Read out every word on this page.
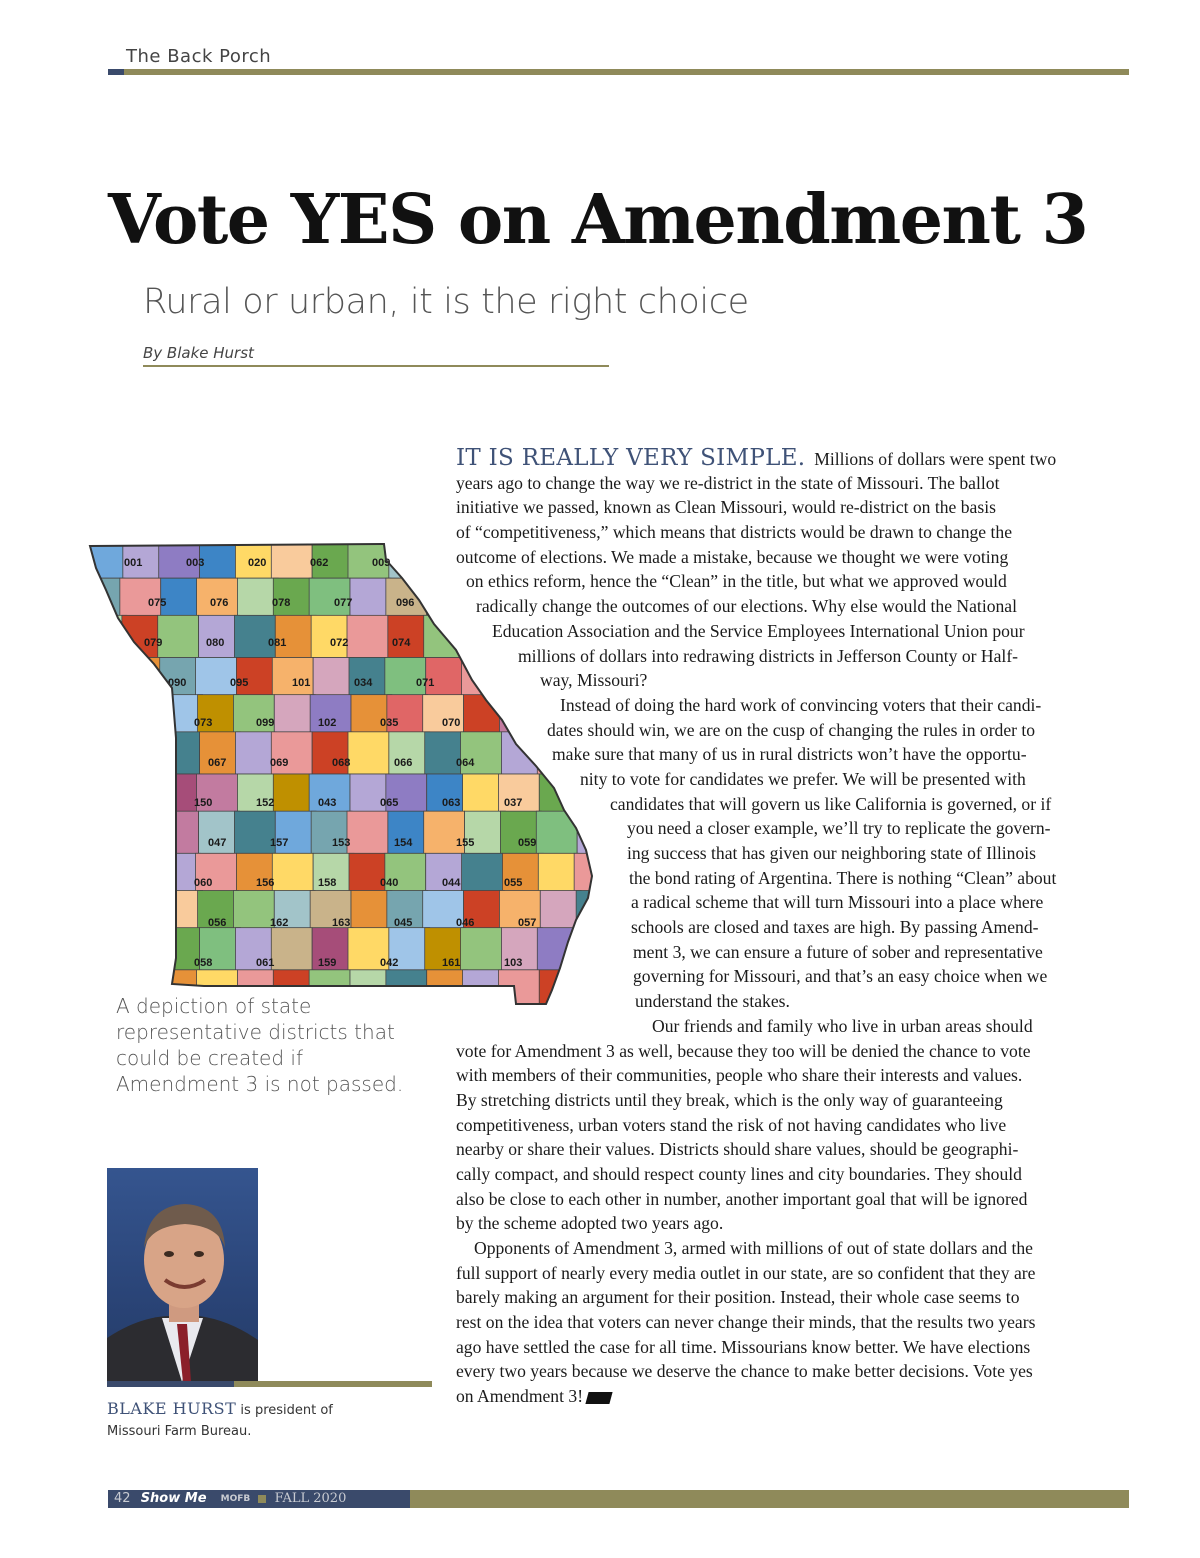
The Back Porch
Vote YES on Amendment 3
Rural or urban, it is the right choice
By Blake Hurst
001	003	020	062	009
075	076	078	077	096
079	080	081	072	074
090	095	101	034	071
073	099	102	035	070
067	069	068	066	064
150	152	043	065	063	037
047	157	153	154	155	059
060	156	158	040	044	055
056	162	163	045	046	057
058	061	159	042	161	103
A depiction of state representative districts that could be created if Amendment 3 is not passed.
IT IS REALLY VERY SIMPLE. Millions of dollars were spent two
years ago to change the way we re-district in the state of Missouri. The ballot
initiative we passed, known as Clean Missouri, would re-district on the basis
of “competitiveness,” which means that districts would be drawn to change the
outcome of elections. We made a mistake, because we thought we were voting
on ethics reform, hence the “Clean” in the title, but what we approved would
radically change the outcomes of our elections. Why else would the National
Education Association and the Service Employees International Union pour
millions of dollars into redrawing districts in Jefferson County or Half-
way, Missouri?
Instead of doing the hard work of convincing voters that their candi-
dates should win, we are on the cusp of changing the rules in order to
make sure that many of us in rural districts won’t have the opportu-
nity to vote for candidates we prefer. We will be presented with
candidates that will govern us like California is governed, or if
you need a closer example, we’ll try to replicate the govern-
ing success that has given our neighboring state of Illinois
the bond rating of Argentina. There is nothing “Clean” about
a radical scheme that will turn Missouri into a place where
schools are closed and taxes are high. By passing Amend-
ment 3, we can ensure a future of sober and representative
governing for Missouri, and that’s an easy choice when we
understand the stakes.
Our friends and family who live in urban areas should
vote for Amendment 3 as well, because they too will be denied the chance to vote
with members of their communities, people who share their interests and values.
By stretching districts until they break, which is the only way of guaranteeing
competitiveness, urban voters stand the risk of not having candidates who live
nearby or share their values. Districts should share values, should be geographi-
cally compact, and should respect county lines and city boundaries. They should
also be close to each other in number, another important goal that will be ignored
by the scheme adopted two years ago.
Opponents of Amendment 3, armed with millions of out of state dollars and the
full support of nearly every media outlet in our state, are so confident that they are
barely making an argument for their position. Instead, their whole case seems to
rest on the idea that voters can never change their minds, that the results two years
ago have settled the case for all time. Missourians know better. We have elections
every two years because we deserve the chance to make better decisions. Vote yes
on Amendment 3!
BLAKE HURST is president of
Missouri Farm Bureau.
42 Show Me MOFB FALL 2020
